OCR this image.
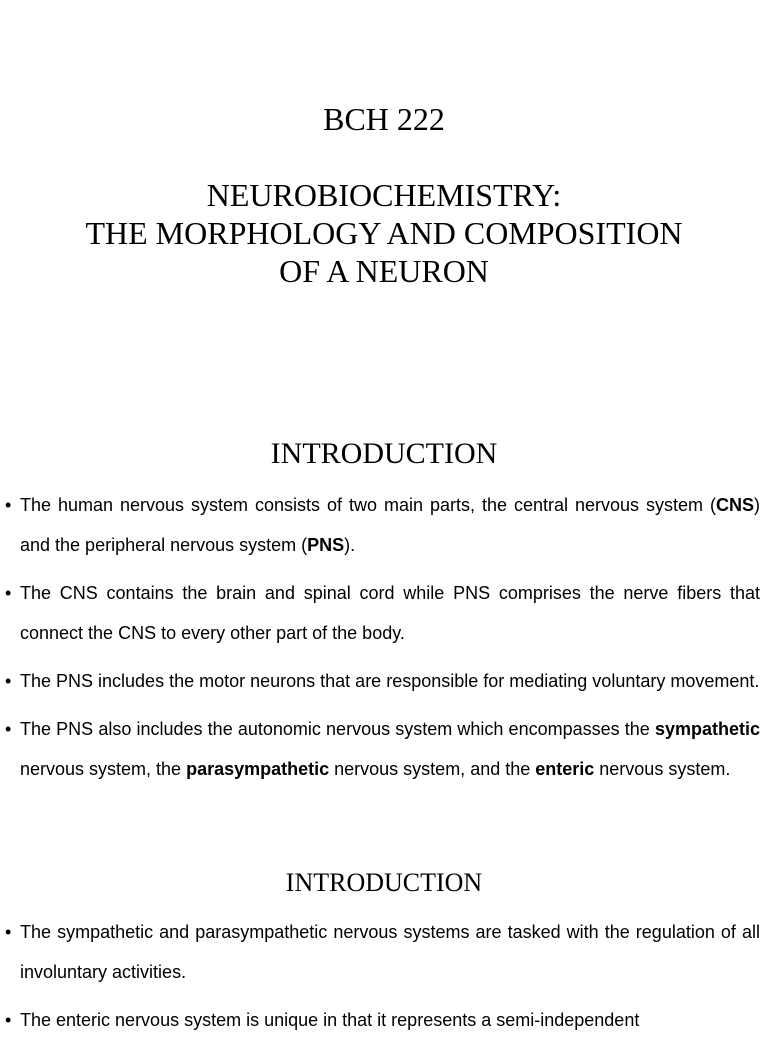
BCH 222
NEUROBIOCHEMISTRY:
THE MORPHOLOGY AND COMPOSITION
OF A NEURON
INTRODUCTION
• The human nervous system consists of two main parts, the central nervous system (CNS) and the peripheral nervous system (PNS).
• The CNS contains the brain and spinal cord while PNS comprises the nerve fibers that connect the CNS to every other part of the body.
• The PNS includes the motor neurons that are responsible for mediating voluntary movement.
• The PNS also includes the autonomic nervous system which encompasses the sympathetic nervous system, the parasympathetic nervous system, and the enteric nervous system.
INTRODUCTION
• The sympathetic and parasympathetic nervous systems are tasked with the regulation of all involuntary activities.
• The enteric nervous system is unique in that it represents a semi-independent
